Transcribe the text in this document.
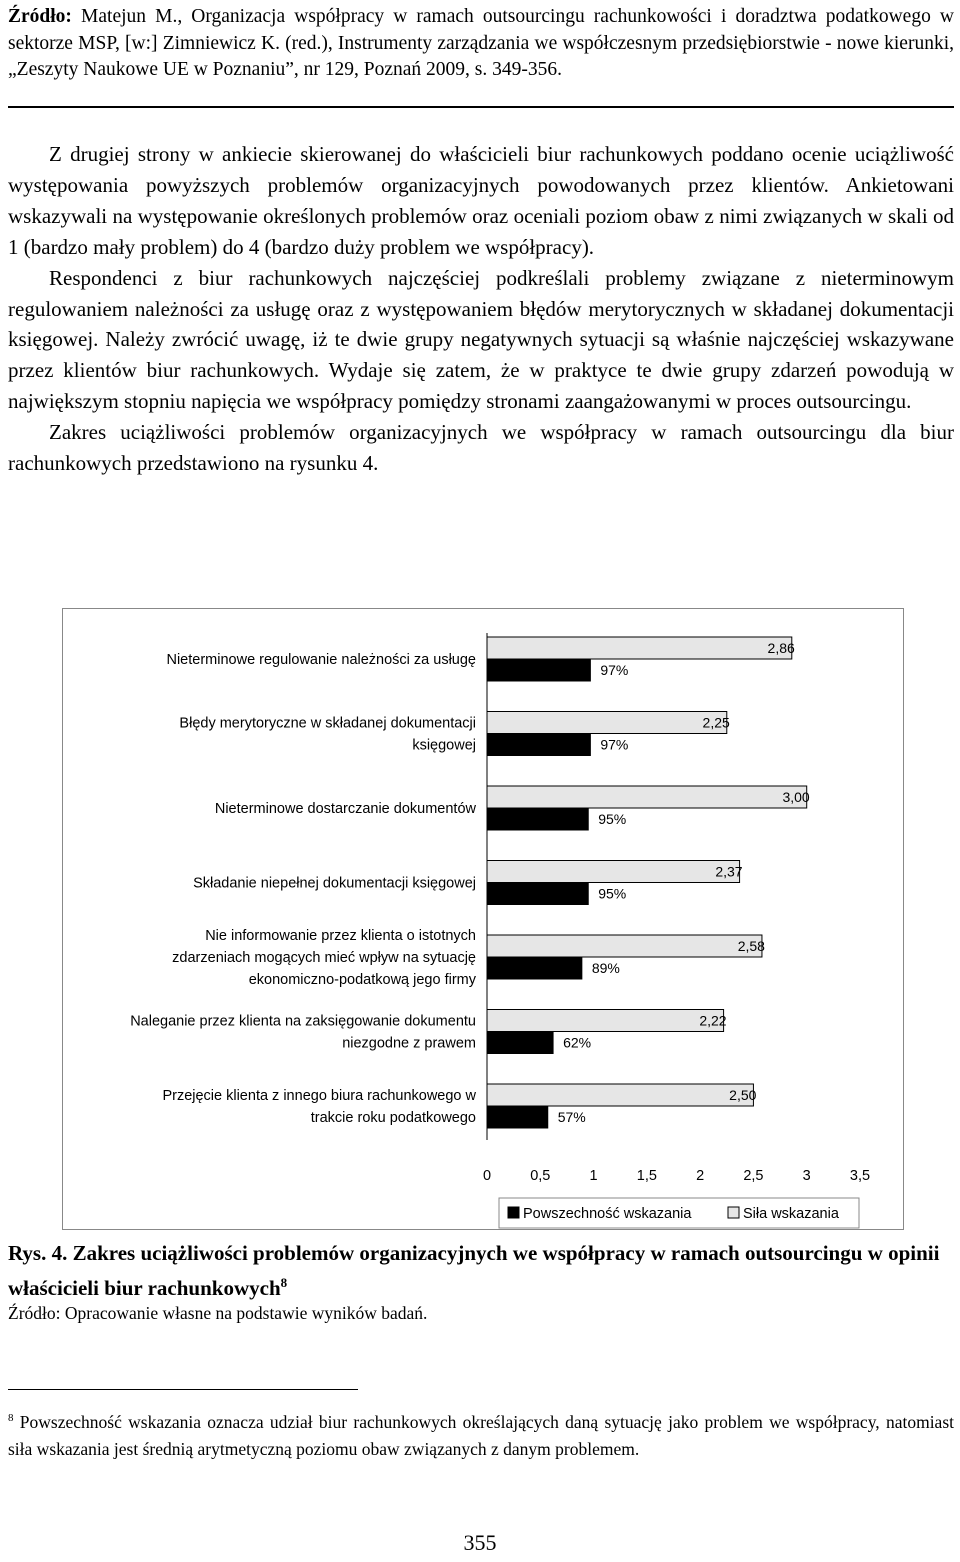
Źródło: Matejun M., Organizacja współpracy w ramach outsourcingu rachunkowości i doradztwa podatkowego w sektorze MSP, [w:] Zimniewicz K. (red.), Instrumenty zarządzania we współczesnym przedsiębiorstwie - nowe kierunki, „Zeszyty Naukowe UE w Poznaniu”, nr 129, Poznań 2009, s. 349-356.

Z drugiej strony w ankiecie skierowanej do właścicieli biur rachunkowych poddano ocenie uciążliwość występowania powyższych problemów organizacyjnych powodowanych przez klientów. Ankietowani wskazywali na występowanie określonych problemów oraz oceniali poziom obaw z nimi związanych w skali od 1 (bardzo mały problem) do 4 (bardzo duży problem we współpracy).

Respondenci z biur rachunkowych najczęściej podkreślali problemy związane z nieterminowym regulowaniem należności za usługę oraz z występowaniem błędów merytorycznych w składanej dokumentacji księgowej. Należy zwrócić uwagę, iż te dwie grupy negatywnych sytuacji są właśnie najczęściej wskazywane przez klientów biur rachunkowych. Wydaje się zatem, że w praktyce te dwie grupy zdarzeń powodują w największym stopniu napięcia we współpracy pomiędzy stronami zaangażowanymi w proces outsourcingu.

Zakres uciążliwości problemów organizacyjnych we współpracy w ramach outsourcingu dla biur rachunkowych przedstawiono na rysunku 4.

2,86
97%
Nieterminowe regulowanie należności za usługę
2,25
97%
Błędy merytoryczne w składanej dokumentacji
księgowej
3,00
95%
Nieterminowe dostarczanie dokumentów
2,37
95%
Składanie niepełnej dokumentacji księgowej
2,58
89%
Nie informowanie przez klienta o istotnych
zdarzeniach mogących mieć wpływ na sytuację
ekonomiczno-podatkową jego firmy
2,22
62%
Naleganie przez klienta na zaksięgowanie dokumentu
niezgodne z prawem
2,50
57%
Przejęcie klienta z innego biura rachunkowego w
trakcie roku podatkowego
0	0,5	1	1,5	2	2,5	3	3,5
Powszechność wskazania	Siła wskazania
Rys. 4. Zakres uciążliwości problemów organizacyjnych we współpracy w ramach outsourcingu w opinii właścicieli biur rachunkowych$^8$
Źródło: Opracowanie własne na podstawie wyników badań.
$^8$ Powszechność wskazania oznacza udział biur rachunkowych określających daną sytuację jako problem we współpracy, natomiast siła wskazania jest średnią arytmetyczną poziomu obaw związanych z danym problemem.
355
